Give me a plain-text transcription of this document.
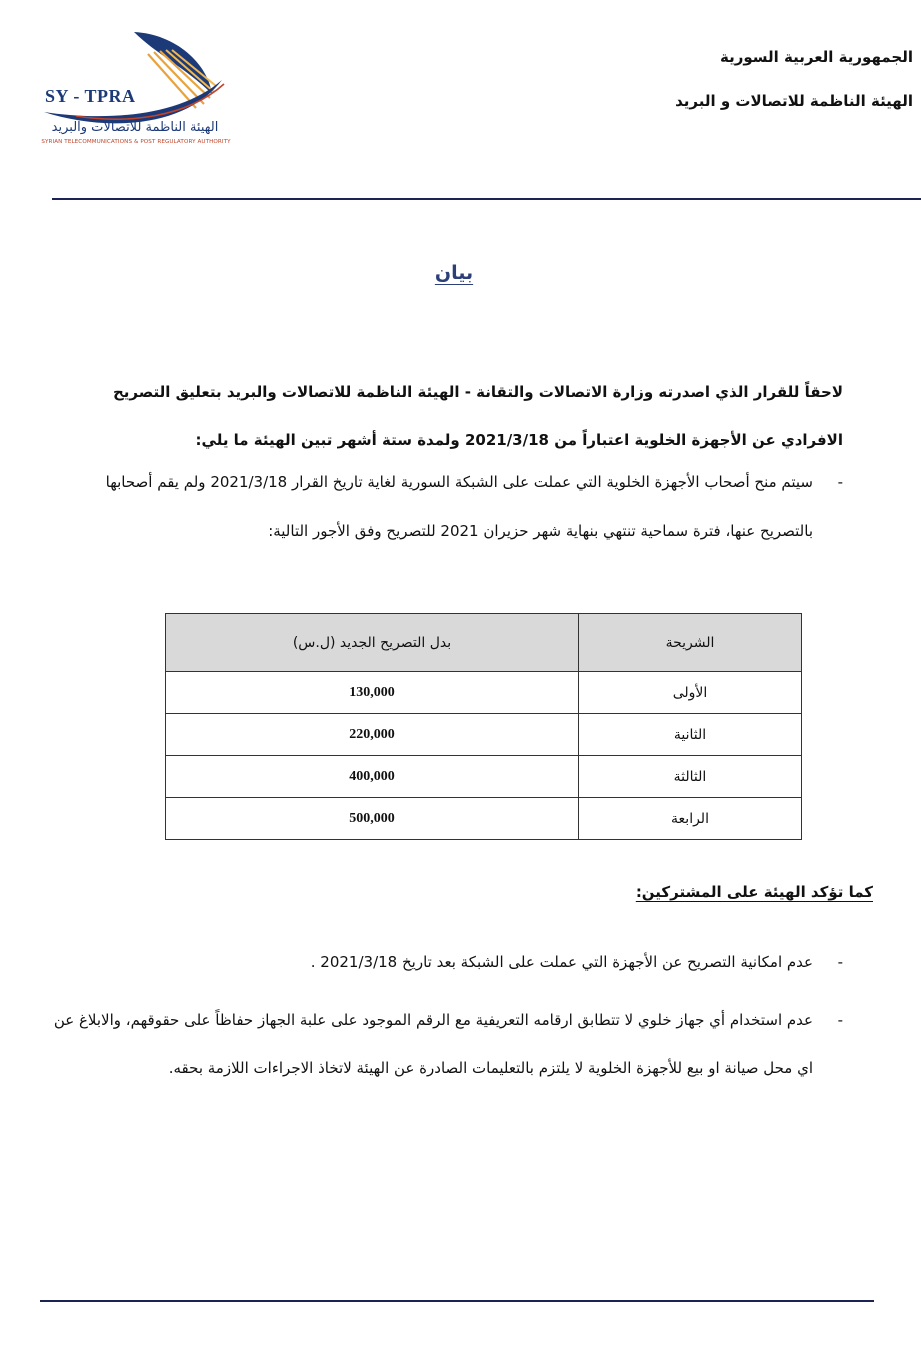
SY - TPRA
الهيئة الناظمة للاتصالات والبريد
SYRIAN TELECOMMUNICATIONS & POST REGULATORY AUTHORITY
الجمهورية العربية السورية
الهيئة الناظمة للاتصالات و البريد
بيان
لاحقاً للقرار الذي اصدرته وزارة الاتصالات والتقانة - الهيئة الناظمة للاتصالات والبريد بتعليق التصريح الافرادي عن الأجهزة الخلوية اعتباراً من 2021/3/18 ولمدة ستة أشهر تبين الهيئة ما يلي:
-
سيتم منح أصحاب الأجهزة الخلوية التي عملت على الشبكة السورية لغاية تاريخ القرار 2021/3/18 ولم يقم أصحابها بالتصريح عنها، فترة سماحية تنتهي بنهاية شهر حزيران 2021 للتصريح وفق الأجور التالية:
الشريحة	بدل التصريح الجديد (ل.س)
الأولى	130,000
الثانية	220,000
الثالثة	400,000
الرابعة	500,000
كما تؤكد الهيئة على المشتركين:
-
عدم امكانية التصريح عن الأجهزة التي عملت على الشبكة بعد تاريخ 2021/3/18 .
-
عدم استخدام أي جهاز خلوي لا تتطابق ارقامه التعريفية مع الرقم الموجود على علبة الجهاز حفاظاً على حقوقهم، والابلاغ عن اي محل صيانة او بيع للأجهزة الخلوية لا يلتزم بالتعليمات الصادرة عن الهيئة لاتخاذ الاجراءات اللازمة بحقه.
